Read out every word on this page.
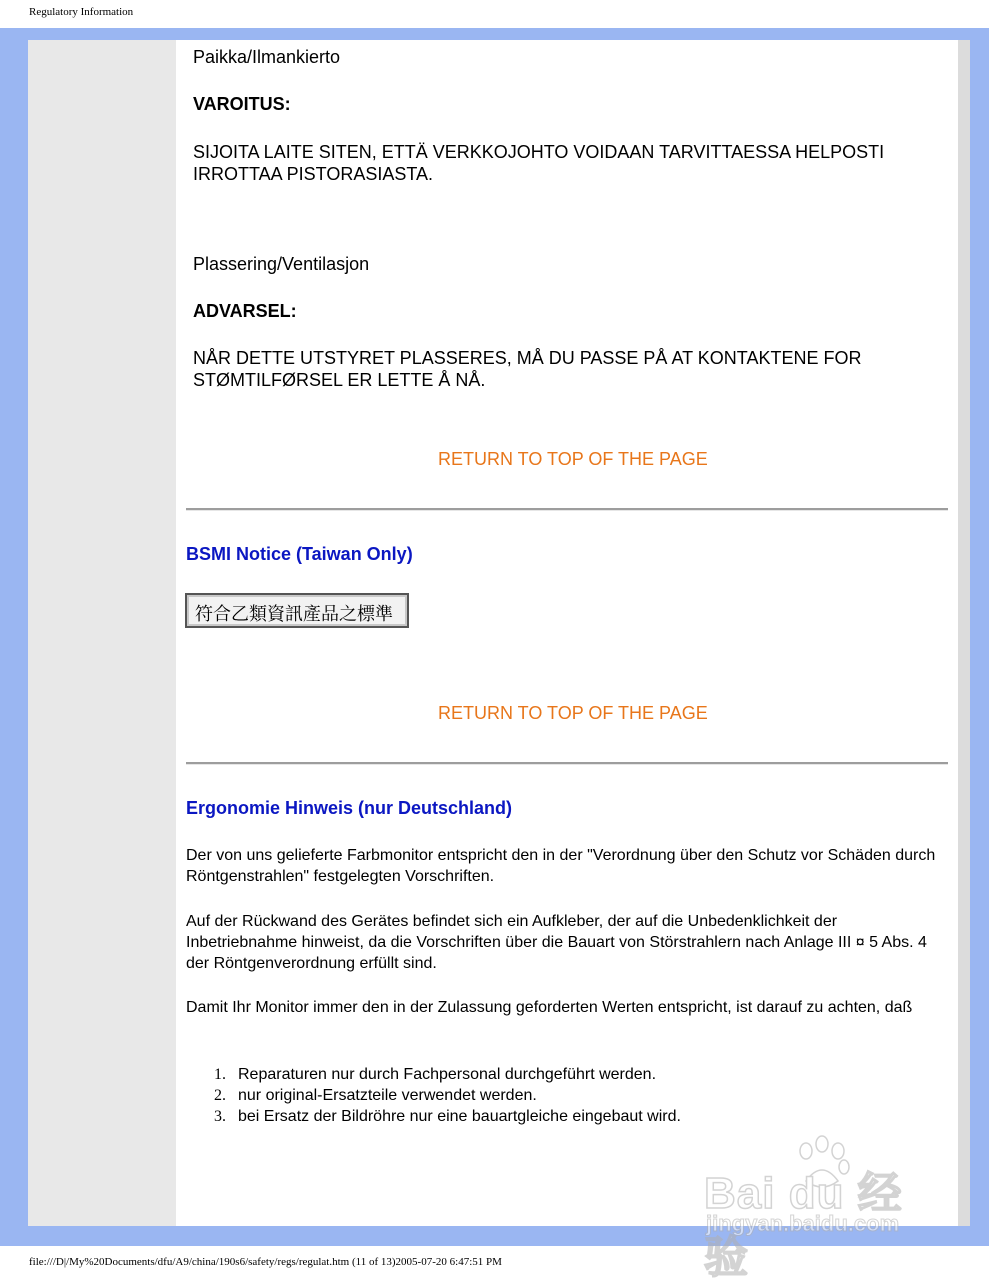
Regulatory Information

Paikka/Ilmankierto

VAROITUS:

SIJOITA LAITE SITEN, ETTÄ VERKKOJOHTO VOIDAAN TARVITTAESSA HELPOSTI IRROTTAA PISTORASIASTA.

Plassering/Ventilasjon

ADVARSEL:

NÅR DETTE UTSTYRET PLASSERES, MÅ DU PASSE PÅ AT KONTAKTENE FOR STØMTILFØRSEL ER LETTE Å NÅ.

RETURN TO TOP OF THE PAGE

BSMI Notice (Taiwan Only)

符合乙類資訊產品之標準
RETURN TO TOP OF THE PAGE

Ergonomie Hinweis (nur Deutschland)

Der von uns gelieferte Farbmonitor entspricht den in der "Verordnung über den Schutz vor Schäden durch Röntgenstrahlen" festgelegten Vorschriften.

Auf der Rückwand des Gerätes befindet sich ein Aufkleber, der auf die Unbedenklichkeit der Inbetriebnahme hinweist, da die Vorschriften über die Bauart von Störstrahlern nach Anlage III ¤ 5 Abs. 4 der Röntgenverordnung erfüllt sind.

Damit Ihr Monitor immer den in der Zulassung geforderten Werten entspricht, ist darauf zu achten, daß

1. Reparaturen nur durch Fachpersonal durchgeführt werden.
2. nur original-Ersatzteile verwendet werden.
3. bei Ersatz der Bildröhre nur eine bauartgleiche eingebaut wird.
Bai du 经验
jingyan.baidu.com
file:///D|/My%20Documents/dfu/A9/china/190s6/safety/regs/regulat.htm (11 of 13)2005-07-20 6:47:51 PM
